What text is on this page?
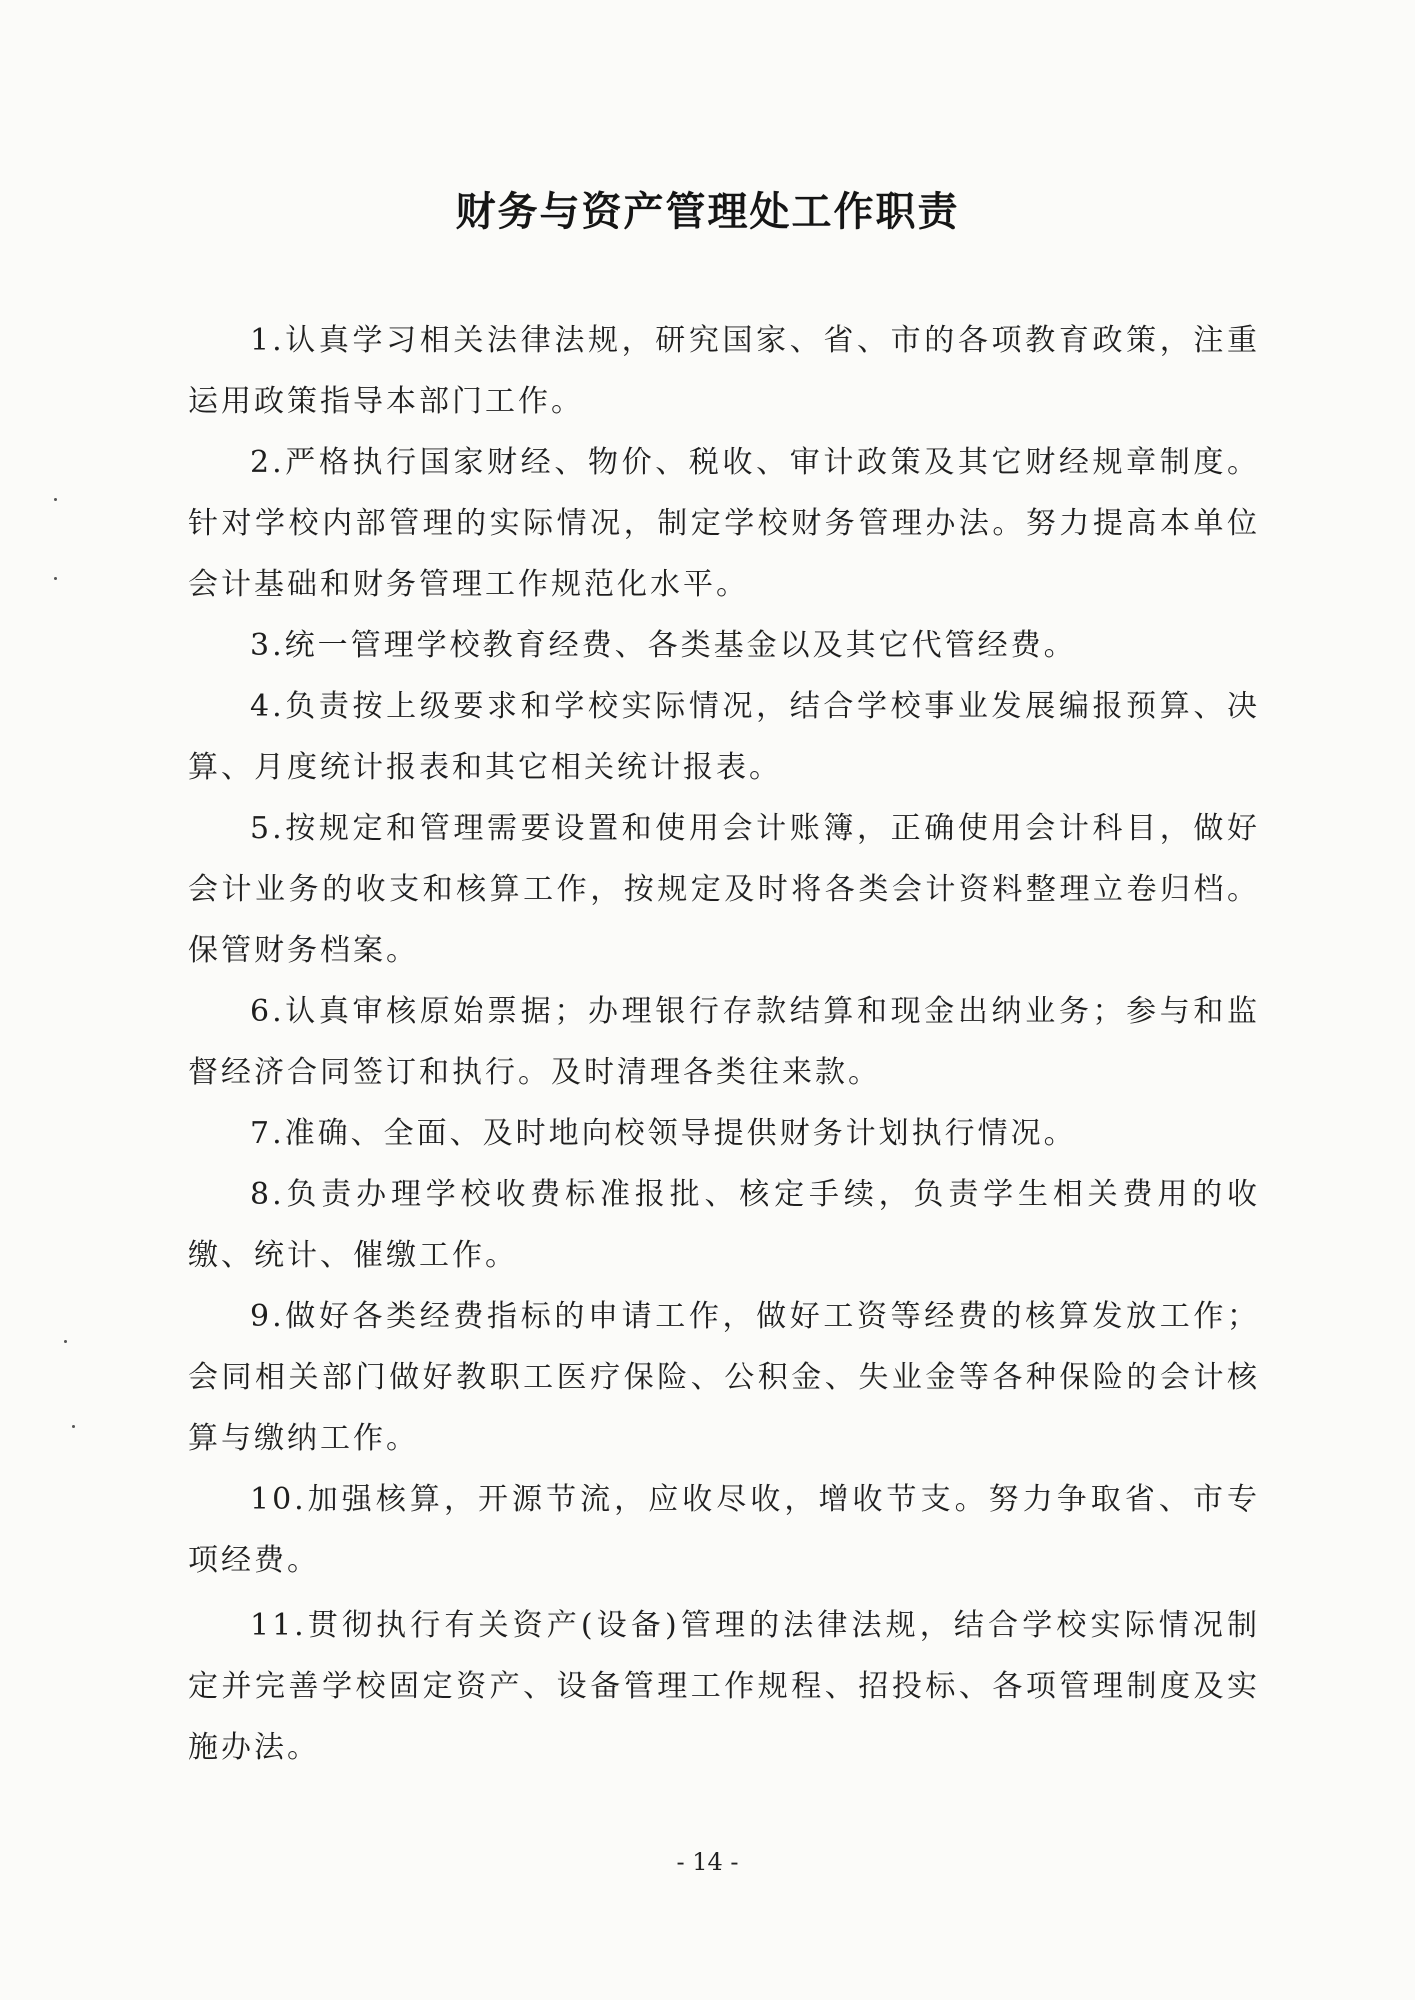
财务与资产管理处工作职责

1.认真学习相关法律法规，研究国家、省、市的各项教育政策，注重运用政策指导本部门工作。

2.严格执行国家财经、物价、税收、审计政策及其它财经规章制度。针对学校内部管理的实际情况，制定学校财务管理办法。努力提高本单位会计基础和财务管理工作规范化水平。

3.统一管理学校教育经费、各类基金以及其它代管经费。

4.负责按上级要求和学校实际情况，结合学校事业发展编报预算、决算、月度统计报表和其它相关统计报表。

5.按规定和管理需要设置和使用会计账簿，正确使用会计科目，做好会计业务的收支和核算工作，按规定及时将各类会计资料整理立卷归档。保管财务档案。

6.认真审核原始票据；办理银行存款结算和现金出纳业务；参与和监督经济合同签订和执行。及时清理各类往来款。

7.准确、全面、及时地向校领导提供财务计划执行情况。

8.负责办理学校收费标准报批、核定手续，负责学生相关费用的收缴、统计、催缴工作。

9.做好各类经费指标的申请工作，做好工资等经费的核算发放工作；会同相关部门做好教职工医疗保险、公积金、失业金等各种保险的会计核算与缴纳工作。

10.加强核算，开源节流，应收尽收，增收节支。努力争取省、市专项经费。

11.贯彻执行有关资产(设备)管理的法律法规，结合学校实际情况制定并完善学校固定资产、设备管理工作规程、招投标、各项管理制度及实施办法。

- 14 -
